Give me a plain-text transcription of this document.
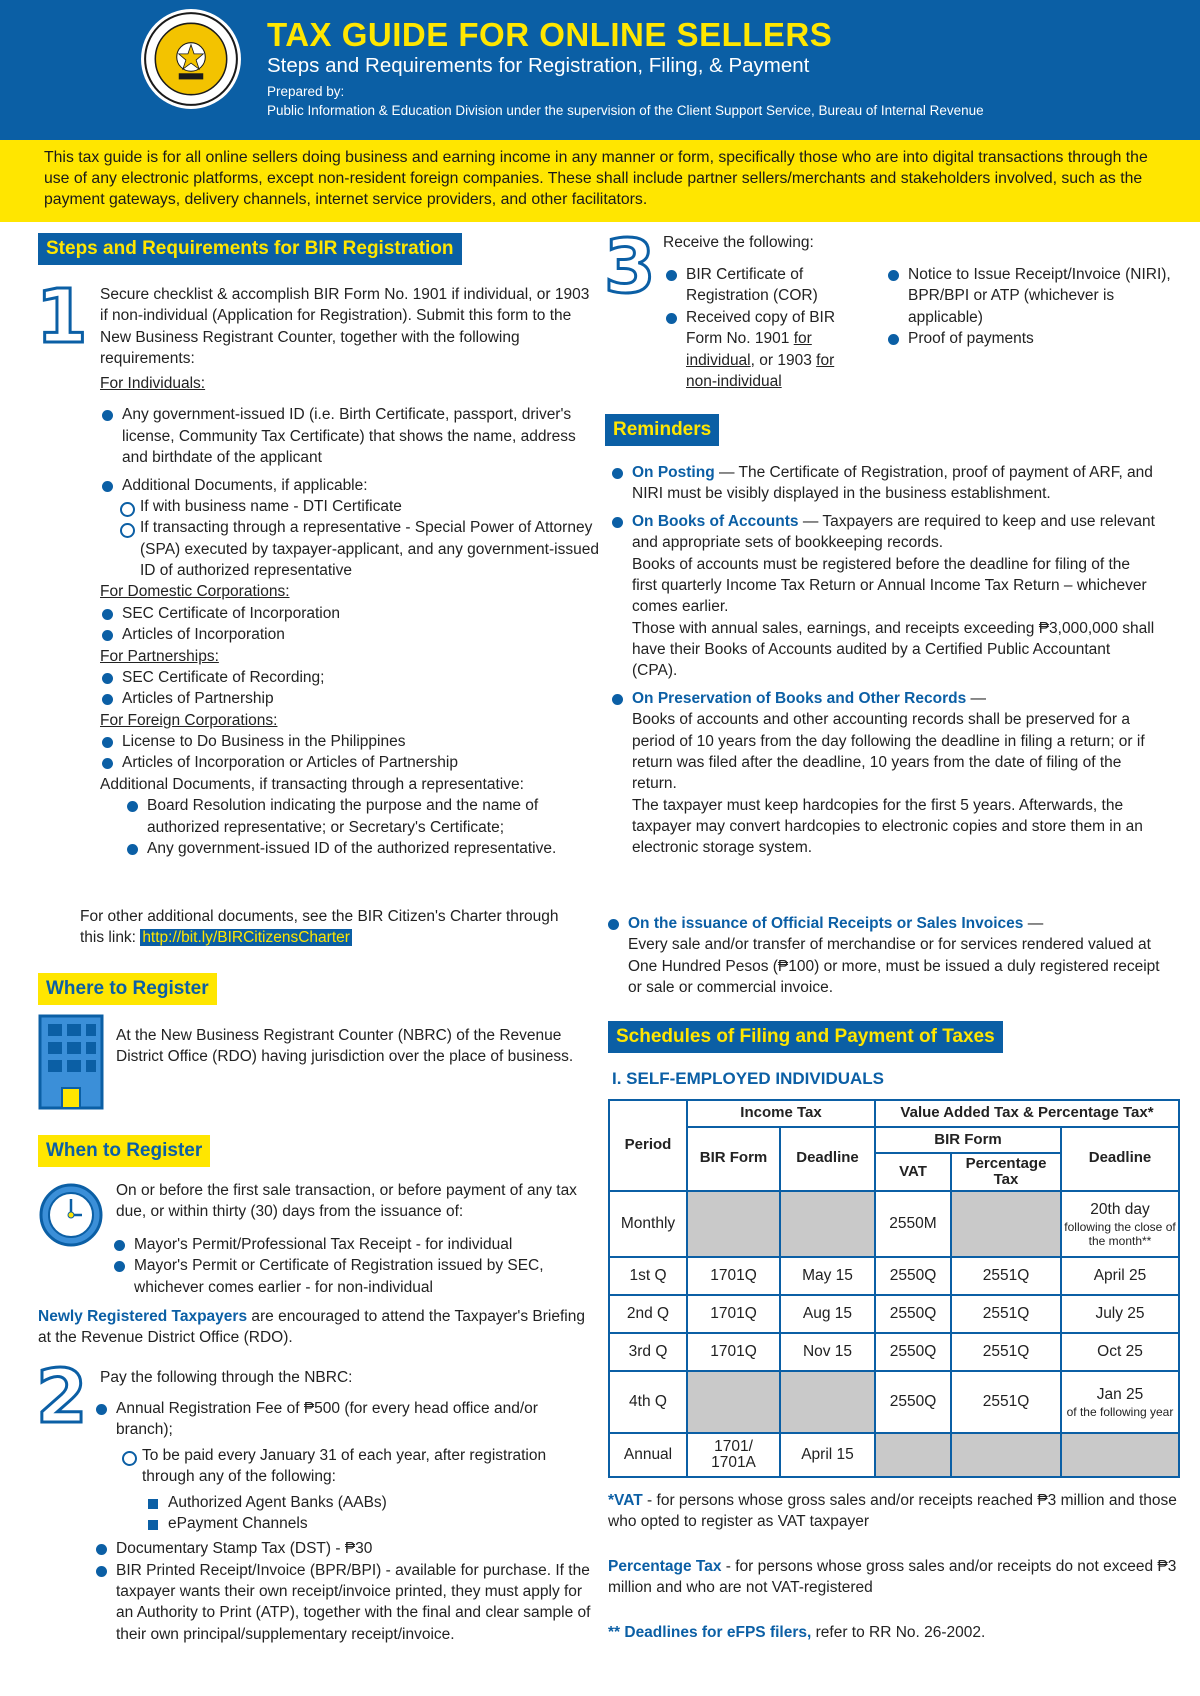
TAX GUIDE FOR ONLINE SELLERS
Steps and Requirements for Registration, Filing, & Payment
Prepared by:
Public Information & Education Division under the supervision of the Client Support Service, Bureau of Internal Revenue
This tax guide is for all online sellers doing business and earning income in any manner or form, specifically those who are into digital transactions through the use of any electronic platforms, except non-resident foreign companies. These shall include partner sellers/merchants and stakeholders involved, such as the payment gateways, delivery channels, internet service providers, and other facilitators.
Steps and Requirements for BIR Registration
1 Secure checklist & accomplish BIR Form No. 1901 if individual, or 1903 if non-individual (Application for Registration). Submit this form to the New Business Registrant Counter, together with the following requirements:

For Individuals:

Any government-issued ID (i.e. Birth Certificate, passport, driver's license, Community Tax Certificate) that shows the name, address and birthdate of the applicant
Additional Documents, if applicable:
If with business name - DTI Certificate
If transacting through a representative - Special Power of Attorney (SPA) executed by taxpayer-applicant, and any government-issued ID of authorized representative

For Domestic Corporations:

SEC Certificate of Incorporation
Articles of Incorporation

For Partnerships:

SEC Certificate of Recording;
Articles of Partnership

For Foreign Corporations:

License to Do Business in the Philippines
Articles of Incorporation or Articles of Partnership

Additional Documents, if transacting through a representative:

Board Resolution indicating the purpose and the name of authorized representative; or Secretary's Certificate;
Any government-issued ID of the authorized representative.
For other additional documents, see the BIR Citizen's Charter through this link: http://bit.ly/BIRCitizensCharter
Where to Register
At the New Business Registrant Counter (NBRC) of the Revenue District Office (RDO) having jurisdiction over the place of business.
When to Register
On or before the first sale transaction, or before payment of any tax due, or within thirty (30) days from the issuance of:
Mayor's Permit/Professional Tax Receipt - for individual
Mayor's Permit or Certificate of Registration issued by SEC, whichever comes earlier - for non-individual
Newly Registered Taxpayers are encouraged to attend the Taxpayer's Briefing at the Revenue District Office (RDO).
2 Pay the following through the NBRC:
Annual Registration Fee of ₱500 (for every head office and/or branch);
To be paid every January 31 of each year, after registration through any of the following:
Authorized Agent Banks (AABs)
ePayment Channels
Documentary Stamp Tax (DST) - ₱30
BIR Printed Receipt/Invoice (BPR/BPI) - available for purchase. If the taxpayer wants their own receipt/invoice printed, they must apply for an Authority to Print (ATP), together with the final and clear sample of their own principal/supplementary receipt/invoice.
3 Receive the following:
BIR Certificate of Registration (COR)
Received copy of BIR Form No. 1901 for individual, or 1903 for non-individual
Notice to Issue Receipt/Invoice (NIRI), BPR/BPI or ATP (whichever is applicable)
Proof of payments
Reminders
On Posting — The Certificate of Registration, proof of payment of ARF, and NIRI must be visibly displayed in the business establishment.
On Books of Accounts — Taxpayers are required to keep and use relevant and appropriate sets of bookkeeping records.

Books of accounts must be registered before the deadline for filing of the first quarterly Income Tax Return or Annual Income Tax Return – whichever comes earlier.

Those with annual sales, earnings, and receipts exceeding ₱3,000,000 shall have their Books of Accounts audited by a Certified Public Accountant (CPA).

On Preservation of Books and Other Records —

Books of accounts and other accounting records shall be preserved for a period of 10 years from the day following the deadline in filing a return; or if return was filed after the deadline, 10 years from the date of filing of the return.

The taxpayer must keep hardcopies for the first 5 years. Afterwards, the taxpayer may convert hardcopies to electronic copies and store them in an electronic storage system.

On the issuance of Official Receipts or Sales Invoices —

Every sale and/or transfer of merchandise or for services rendered valued at One Hundred Pesos (₱100) or more, must be issued a duly registered receipt or sale or commercial invoice.

Schedules of Filing and Payment of Taxes
I. SELF-EMPLOYED INDIVIDUALS
Period	Income Tax		Value Added Tax & Percentage Tax*		
	BIR Form	Deadline	BIR Form		Deadline
			VAT	Percentage Tax	
Monthly			2550M		20th day
following the close of the month**

1st Q	1701Q	May 15	2550Q	2551Q	April 25
2nd Q	1701Q	Aug 15	2550Q	2551Q	July 25
3rd Q	1701Q	Nov 15	2550Q	2551Q	Oct 25
4th Q			2550Q	2551Q	Jan 25
of the following year

Annual	1701/ 1701A	April 15			
*VAT - for persons whose gross sales and/or receipts reached ₱3 million and those who opted to register as VAT taxpayer
Percentage Tax - for persons whose gross sales and/or receipts do not exceed ₱3 million and who are not VAT-registered
** Deadlines for eFPS filers, refer to RR No. 26-2002.
